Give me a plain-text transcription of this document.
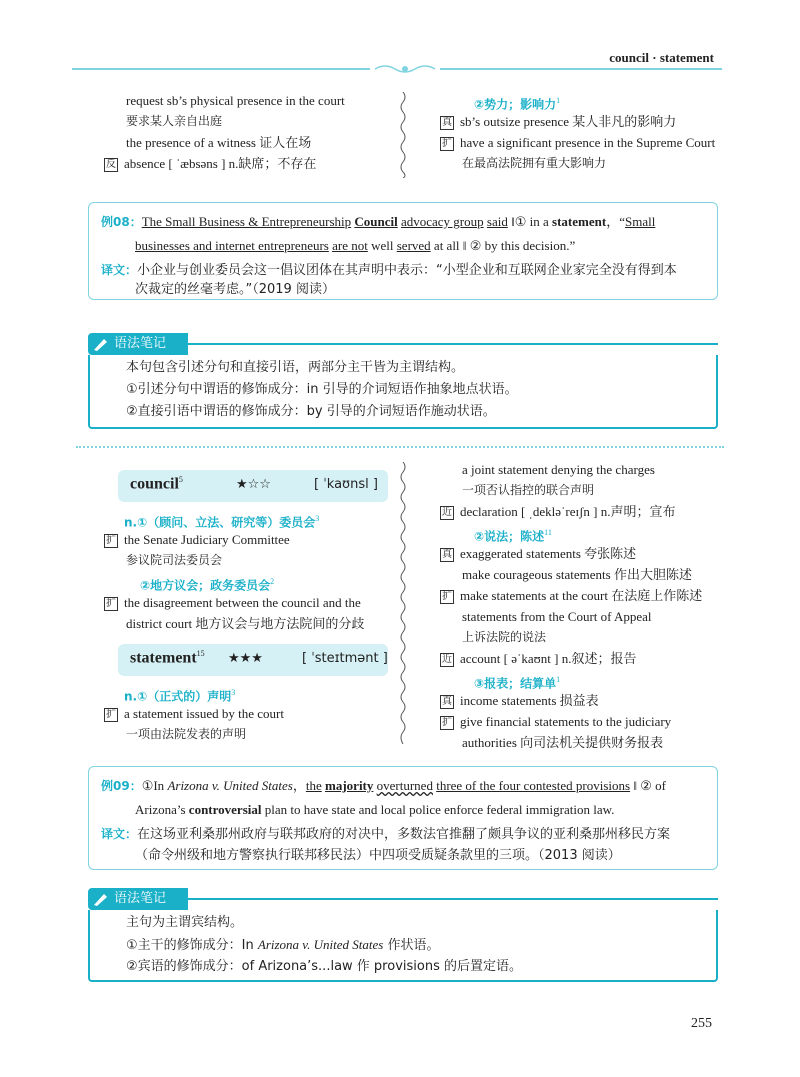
council · statement
request sb’s physical presence in the court
要求某人亲自出庭
the presence of a witness 证人在场
反 absence [ ˈæbsəns ] n.缺席；不存在
②势力；影响力$^1$
真 sb’s outsize presence 某人非凡的影响力
扩 have a significant presence in the Supreme Court
在最高法院拥有重大影响力
例08：The Small Business & Entrepreneurship Council advocacy group said ‖① in a statement，“Small
businesses and internet entrepreneurs are not well served at all ‖ ② by this decision.”
译文：小企业与创业委员会这一倡议团体在其声明中表示：“小型企业和互联网企业家完全没有得到本
次裁定的丝毫考虑。”（2019 阅读）
语法笔记
本句包含引述分句和直接引语，两部分主干皆为主谓结构。
①引述分句中谓语的修饰成分：in 引导的介词短语作抽象地点状语。
②直接引语中谓语的修饰成分：by 引导的介词短语作施动状语。
council$^5$	★☆☆	[ ˈkaʊnsl ]
n.①（顾问、立法、研究等）委员会$^3$
扩 the Senate Judiciary Committee
参议院司法委员会
②地方议会；政务委员会$^2$
扩 the disagreement between the council and the
district court 地方议会与地方法院间的分歧
statement$^{15}$ ★★★	[ ˈsteɪtmənt ]
n.①（正式的）声明$^3$
扩 a statement issued by the court
一项由法院发表的声明
a joint statement denying the charges
一项否认指控的联合声明
近 declaration [ ˌdekləˈreɪʃn ] n.声明；宣布
②说法；陈述$^{11}$
真 exaggerated statements 夸张陈述
make courageous statements 作出大胆陈述
扩 make statements at the court 在法庭上作陈述
statements from the Court of Appeal
上诉法院的说法
近 account [ əˈkaʊnt ] n.叙述；报告
③报表；结算单$^1$
真 income statements 损益表
扩 give financial statements to the judiciary
authorities 向司法机关提供财务报表
例09：①In Arizona v. United States，the majority overturned three of the four contested provisions ‖ ② of
Arizona’s controversial plan to have state and local police enforce federal immigration law.
译文：在这场亚利桑那州政府与联邦政府的对决中，多数法官推翻了颇具争议的亚利桑那州移民方案
（命令州级和地方警察执行联邦移民法）中四项受质疑条款里的三项。（2013 阅读）
语法笔记
主句为主谓宾结构。
①主干的修饰成分：In Arizona v. United States 作状语。
②宾语的修饰成分：of Arizona’s...law 作 provisions 的后置定语。
255
